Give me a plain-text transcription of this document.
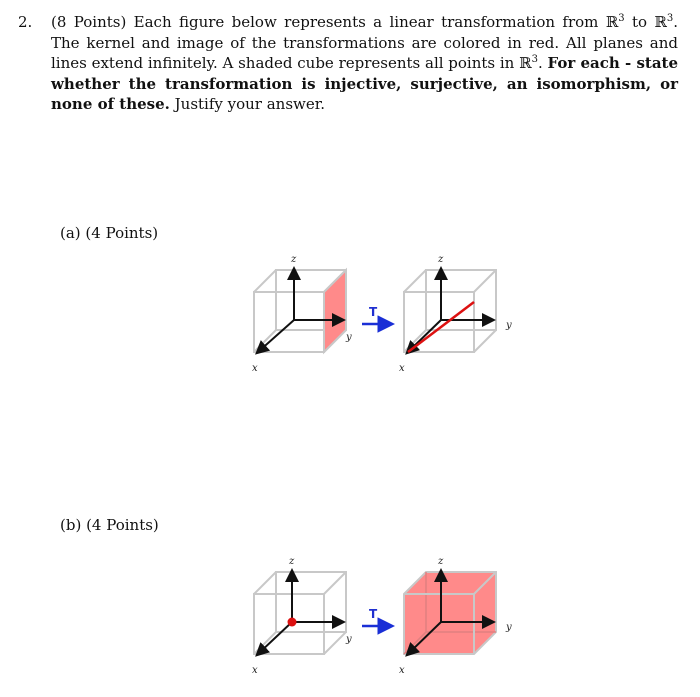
2. (8 Points) Each figure below represents a linear transformation from ℝ$^3$ to ℝ$^3$. The kernel and image of the transformations are colored in red. All planes and lines extend infinitely. A shaded cube represents all points in ℝ$^3$. For each - state whether the transformation is injective, surjective, an isomorphism, or none of these. Justify your answer.
(a) (4 Points)
z
y
x
T
z
y
x
(b) (4 Points)
z
y
x
T
z
y
x
